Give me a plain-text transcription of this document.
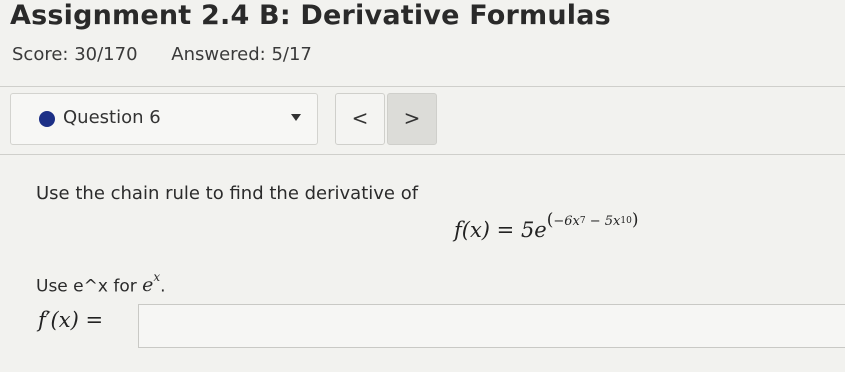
Assignment 2.4 B: Derivative Formulas
Score: 30/170 Answered: 5/17
Question 6	<	>
Use the chain rule to find the derivative of
$f(x) = 5e^{(-6x^7 - 5x^{10})}$
Use e^x for $e^x$.
f′(x) =
